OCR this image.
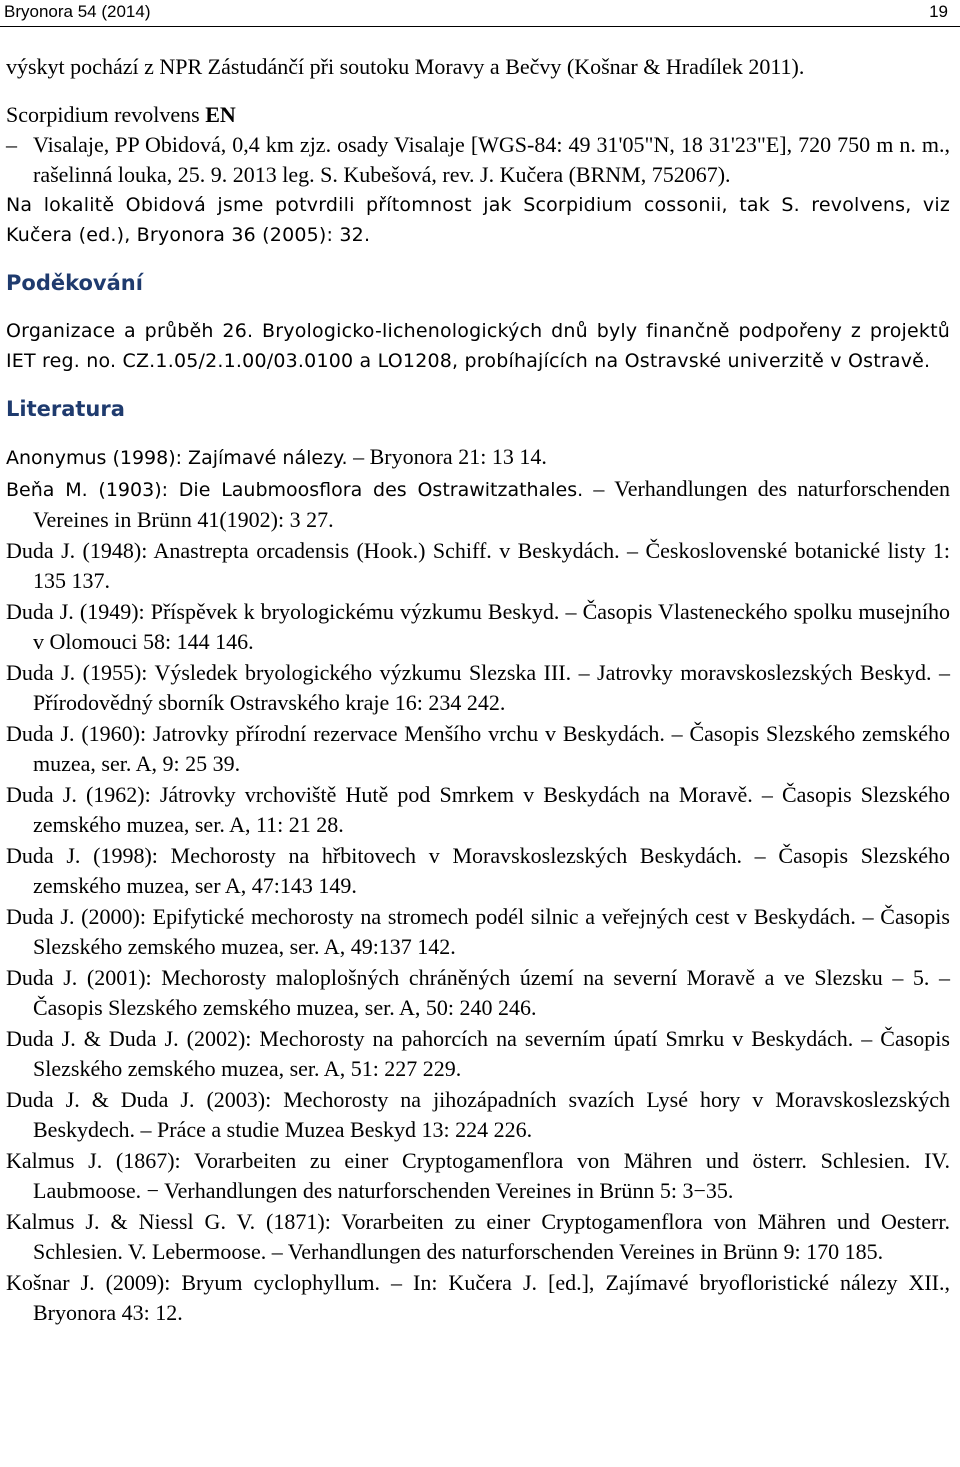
Bryonora 54 (2014)	19

výskyt pochází z NPR Zástudánčí při soutoku Moravy a Bečvy (Košnar & Hradílek 2011).

Scorpidium revolvens EN
– Visalaje, PP Obidová, 0,4 km zjz. osady Visalaje [WGS-84: 49 31'05"N, 18 31'23"E], 720 750 m n. m., rašelinná louka, 25. 9. 2013 leg. S. Kubešová, rev. J. Kučera (BRNM, 752067).

Na lokalitě Obidová jsme potvrdili přítomnost jak Scorpidium cossonii, tak S. revolvens, viz Kučera (ed.), Bryonora 36 (2005): 32.

Poděkování

Organizace a průběh 26. Bryologicko-lichenologických dnů byly finančně podpořeny z projektů IET reg. no. CZ.1.05/2.1.00/03.0100 a LO1208, probíhajících na Ostravské univerzitě v Ostravě.

Literatura
Anonymus (1998): Zajímavé nálezy. – Bryonora 21: 13 14.
Beňa M. (1903): Die Laubmoosflora des Ostrawitzathales. – Verhandlungen des naturforschenden Vereines in Brünn 41(1902): 3 27.
Duda J. (1948): Anastrepta orcadensis (Hook.) Schiff. v Beskydách. – Československé botanické listy 1: 135 137.
Duda J. (1949): Příspěvek k bryologickému výzkumu Beskyd. – Časopis Vlasteneckého spolku musejního v Olomouci 58: 144 146.
Duda J. (1955): Výsledek bryologického výzkumu Slezska III. – Jatrovky moravskoslezských Beskyd. – Přírodovědný sborník Ostravského kraje 16: 234 242.
Duda J. (1960): Jatrovky přírodní rezervace Menšího vrchu v Beskydách. – Časopis Slezského zemského muzea, ser. A, 9: 25 39.
Duda J. (1962): Játrovky vrchoviště Hutě pod Smrkem v Beskydách na Moravě. – Časopis Slezského zemského muzea, ser. A, 11: 21 28.
Duda J. (1998): Mechorosty na hřbitovech v Moravskoslezských Beskydách. – Časopis Slezského zemského muzea, ser A, 47:143 149.
Duda J. (2000): Epifytické mechorosty na stromech podél silnic a veřejných cest v Beskydách. – Časopis Slezského zemského muzea, ser. A, 49:137 142.
Duda J. (2001): Mechorosty maloplošných chráněných území na severní Moravě a ve Slezsku – 5. – Časopis Slezského zemského muzea, ser. A, 50: 240 246.
Duda J. & Duda J. (2002): Mechorosty na pahorcích na severním úpatí Smrku v Beskydách. – Časopis Slezského zemského muzea, ser. A, 51: 227 229.
Duda J. & Duda J. (2003): Mechorosty na jihozápadních svazích Lysé hory v Moravskoslezských Beskydech. – Práce a studie Muzea Beskyd 13: 224 226.
Kalmus J. (1867): Vorarbeiten zu einer Cryptogamenflora von Mähren und österr. Schlesien. IV. Laubmoose. − Verhandlungen des naturforschenden Vereines in Brünn 5: 3−35.
Kalmus J. & Niessl G. V. (1871): Vorarbeiten zu einer Cryptogamenflora von Mähren und Oesterr. Schlesien. V. Lebermoose. – Verhandlungen des naturforschenden Vereines in Brünn 9: 170 185.
Košnar J. (2009): Bryum cyclophyllum. – In: Kučera J. [ed.], Zajímavé bryofloristické nálezy XII., Bryonora 43: 12.
